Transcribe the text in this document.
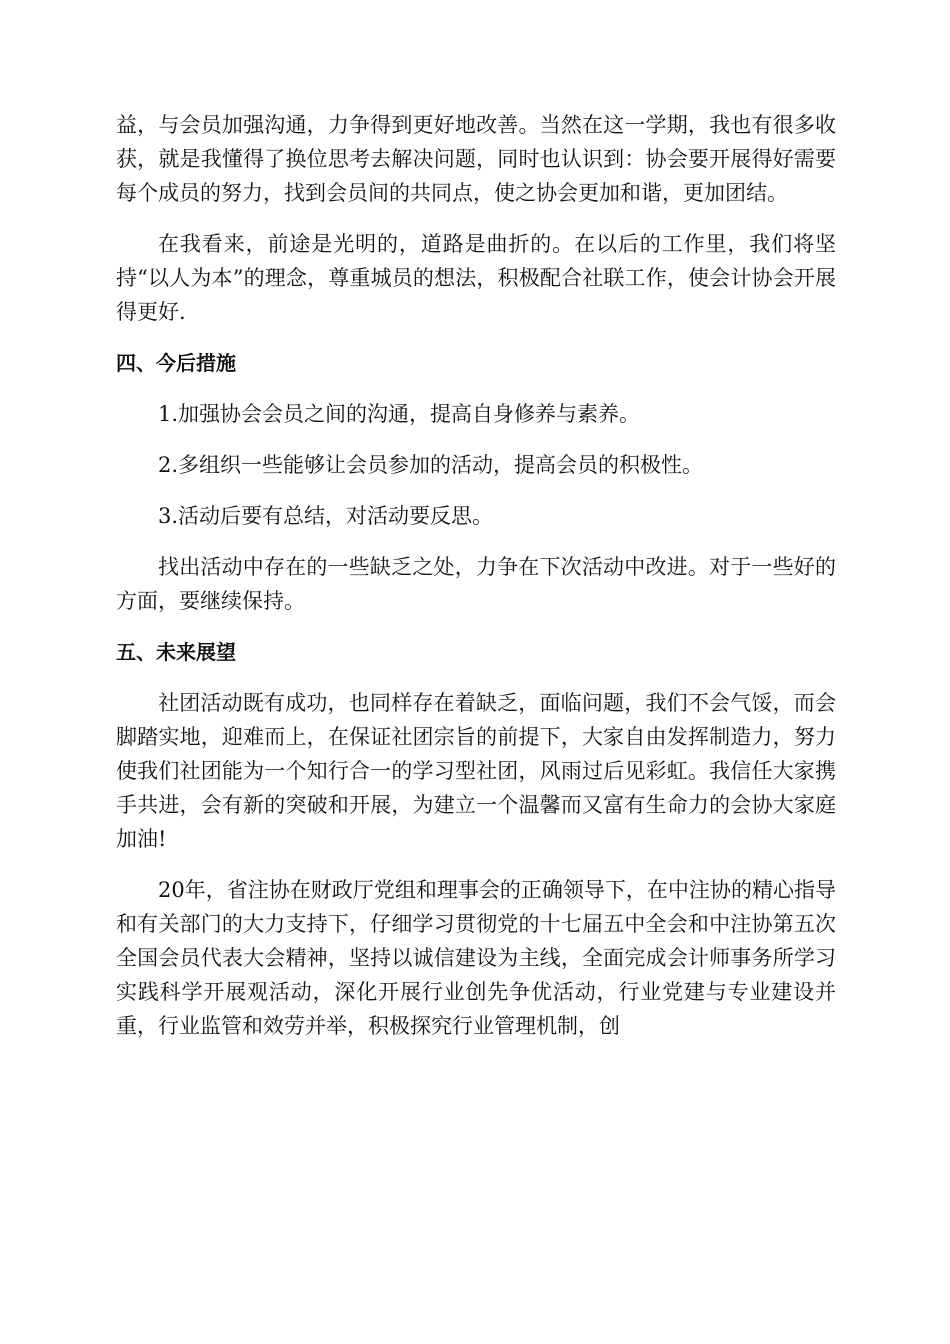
益，与会员加强沟通，力争得到更好地改善。当然在这一学期，我也有很多收获，就是我懂得了换位思考去解决问题，同时也认识到：协会要开展得好需要每个成员的努力，找到会员间的共同点，使之协会更加和谐，更加团结。

在我看来，前途是光明的，道路是曲折的。在以后的工作里，我们将坚持“以人为本”的理念，尊重城员的想法，积极配合社联工作，使会计协会开展得更好.

四、今后措施

1.加强协会会员之间的沟通，提高自身修养与素养。

2.多组织一些能够让会员参加的活动，提高会员的积极性。

3.活动后要有总结，对活动要反思。

找出活动中存在的一些缺乏之处，力争在下次活动中改进。对于一些好的方面，要继续保持。

五、未来展望

社团活动既有成功，也同样存在着缺乏，面临问题，我们不会气馁，而会脚踏实地，迎难而上，在保证社团宗旨的前提下，大家自由发挥制造力，努力使我们社团能为一个知行合一的学习型社团，风雨过后见彩虹。我信任大家携手共进，会有新的突破和开展，为建立一个温馨而又富有生命力的会协大家庭加油!

20年，省注协在财政厅党组和理事会的正确领导下，在中注协的精心指导和有关部门的大力支持下，仔细学习贯彻党的十七届五中全会和中注协第五次全国会员代表大会精神，坚持以诚信建设为主线，全面完成会计师事务所学习实践科学开展观活动，深化开展行业创先争优活动，行业党建与专业建设并重，行业监管和效劳并举，积极探究行业管理机制，创
